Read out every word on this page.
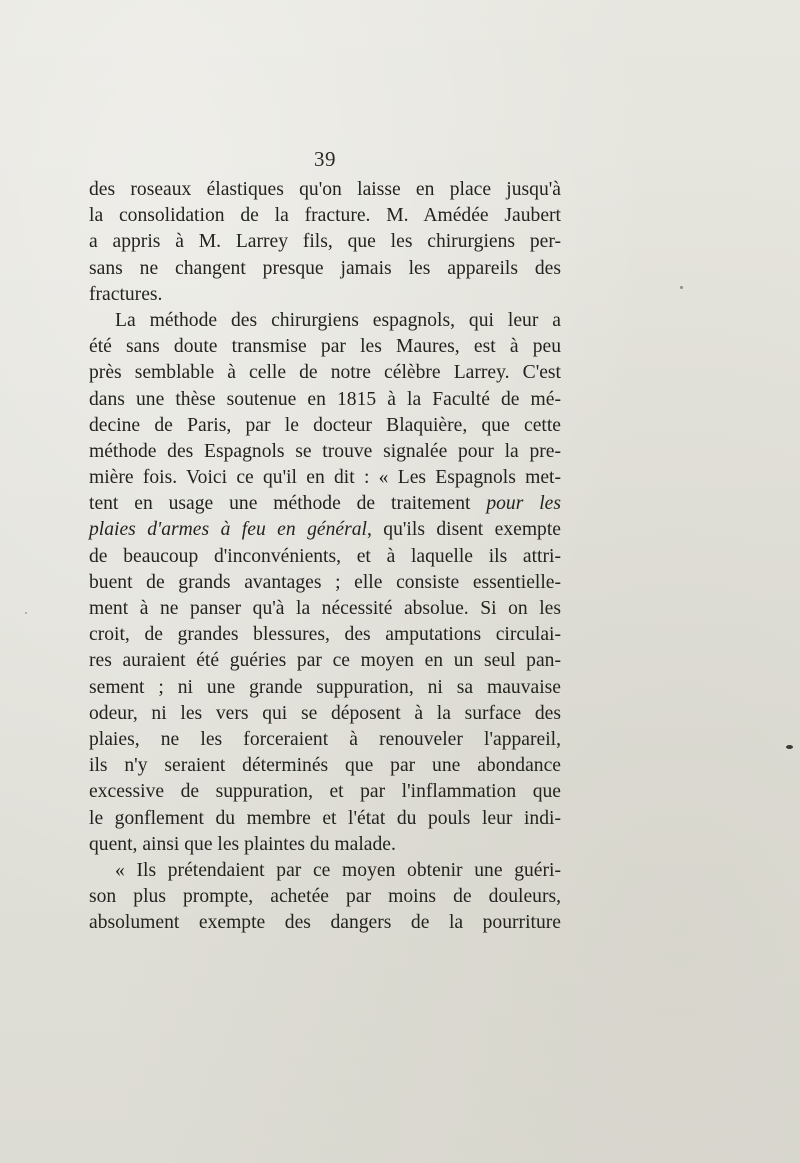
39
des roseaux élastiques qu'on laisse en place jusqu'à
la consolidation de la fracture. M. Amédée Jaubert
a appris à M. Larrey fils, que les chirurgiens per-
sans ne changent presque jamais les appareils des
fractures.
La méthode des chirurgiens espagnols, qui leur a
été sans doute transmise par les Maures, est à peu
près semblable à celle de notre célèbre Larrey. C'est
dans une thèse soutenue en 1815 à la Faculté de mé-
decine de Paris, par le docteur Blaquière, que cette
méthode des Espagnols se trouve signalée pour la pre-
mière fois. Voici ce qu'il en dit : « Les Espagnols met-
tent en usage une méthode de traitement pour les
plaies d'armes à feu en général, qu'ils disent exempte
de beaucoup d'inconvénients, et à laquelle ils attri-
buent de grands avantages ; elle consiste essentielle-
ment à ne panser qu'à la nécessité absolue. Si on les
croit, de grandes blessures, des amputations circulai-
res auraient été guéries par ce moyen en un seul pan-
sement ; ni une grande suppuration, ni sa mauvaise
odeur, ni les vers qui se déposent à la surface des
plaies, ne les forceraient à renouveler l'appareil,
ils n'y seraient déterminés que par une abondance
excessive de suppuration, et par l'inflammation que
le gonflement du membre et l'état du pouls leur indi-
quent, ainsi que les plaintes du malade.
« Ils prétendaient par ce moyen obtenir une guéri-
son plus prompte, achetée par moins de douleurs,
absolument exempte des dangers de la pourriture
